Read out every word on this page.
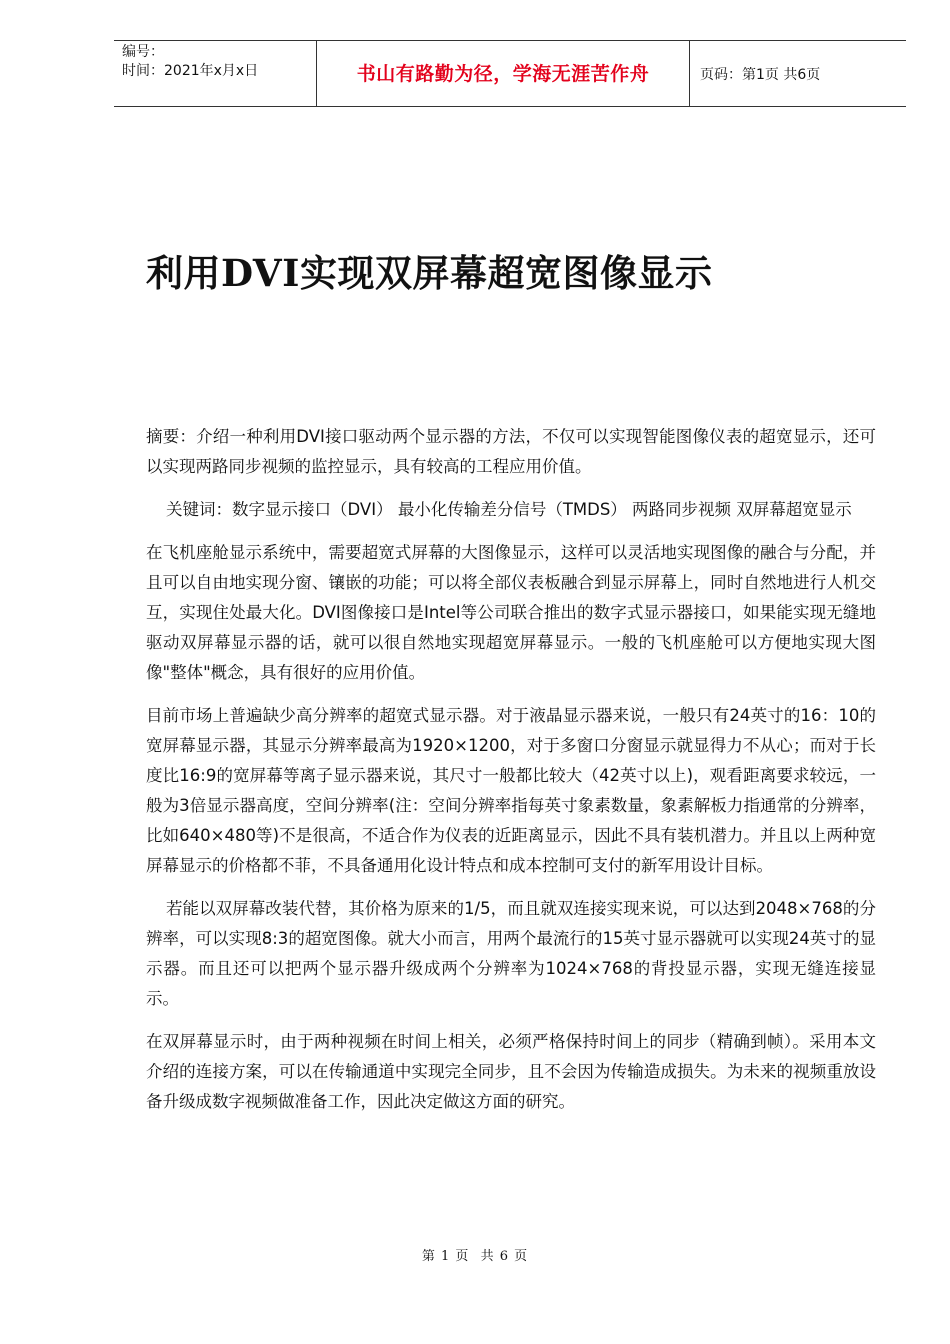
编号：
时间：2021年x月x日	书山有路勤为径，学海无涯苦作舟	页码：第1页 共6页
利用DVI实现双屏幕超宽图像显示

摘要：介绍一种利用DVI接口驱动两个显示器的方法，不仅可以实现智能图像仪表的超宽显示，还可以实现两路同步视频的监控显示，具有较高的工程应用价值。

关键词：数字显示接口（DVI） 最小化传输差分信号（TMDS） 两路同步视频 双屏幕超宽显示

在飞机座舱显示系统中，需要超宽式屏幕的大图像显示，这样可以灵活地实现图像的融合与分配，并且可以自由地实现分窗、镶嵌的功能；可以将全部仪表板融合到显示屏幕上，同时自然地进行人机交互，实现住处最大化。DVI图像接口是Intel等公司联合推出的数字式显示器接口，如果能实现无缝地驱动双屏幕显示器的话，就可以很自然地实现超宽屏幕显示。一般的飞机座舱可以方便地实现大图像"整体"概念，具有很好的应用价值。

目前市场上普遍缺少高分辨率的超宽式显示器。对于液晶显示器来说，一般只有24英寸的16：10的宽屏幕显示器，其显示分辨率最高为1920×1200，对于多窗口分窗显示就显得力不从心；而对于长度比16:9的宽屏幕等离子显示器来说，其尺寸一般都比较大（42英寸以上)，观看距离要求较远，一般为3倍显示器高度，空间分辨率(注：空间分辨率指每英寸象素数量，象素解板力指通常的分辨率，比如640×480等)不是很高，不适合作为仪表的近距离显示，因此不具有装机潜力。并且以上两种宽屏幕显示的价格都不菲，不具备通用化设计特点和成本控制可支付的新军用设计目标。

若能以双屏幕改装代替，其价格为原来的1/5，而且就双连接实现来说，可以达到2048×768的分辨率，可以实现8:3的超宽图像。就大小而言，用两个最流行的15英寸显示器就可以实现24英寸的显示器。而且还可以把两个显示器升级成两个分辨率为1024×768的背投显示器，实现无缝连接显示。

在双屏幕显示时，由于两种视频在时间上相关，必须严格保持时间上的同步（精确到帧）。采用本文介绍的连接方案，可以在传输通道中实现完全同步，且不会因为传输造成损失。为未来的视频重放设备升级成数字视频做准备工作，因此决定做这方面的研究。

第 1 页 共 6 页
